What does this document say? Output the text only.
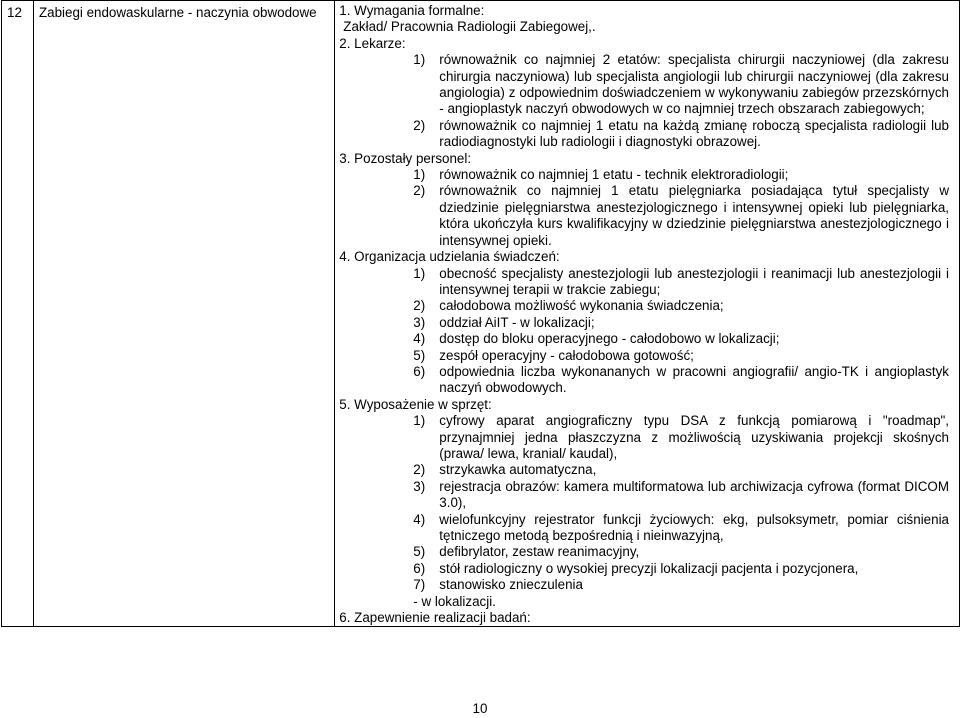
12	Zabiegi endowaskularne - naczynia obwodowe	1. Wymagania formalne:
Zakład/ Pracownia Radiologii Zabiegowej,.
2. Lekarze:
1)	równoważnik co najmniej 2 etatów: specjalista chirurgii naczyniowej (dla zakresu chirurgia naczyniowa) lub specjalista angiologii lub chirurgii naczyniowej (dla zakresu angiologia) z odpowiednim doświadczeniem w wykonywaniu zabiegów przezskórnych - angioplastyk naczyń obwodowych w co najmniej trzech obszarach zabiegowych;
2)	równoważnik co najmniej 1 etatu na każdą zmianę roboczą specjalista radiologii lub radiodiagnostyki lub radiologii i diagnostyki obrazowej.
3. Pozostały personel:
1)	równoważnik co najmniej 1 etatu - technik elektroradiologii;
2)	równoważnik co najmniej 1 etatu pielęgniarka posiadająca tytuł specjalisty w dziedzinie pielęgniarstwa anestezjologicznego i intensywnej opieki lub pielęgniarka, która ukończyła kurs kwalifikacyjny w dziedzinie pielęgniarstwa anestezjologicznego i intensywnej opieki.
4. Organizacja udzielania świadczeń:
1)	obecność specjalisty anestezjologii lub anestezjologii i reanimacji lub anestezjologii i intensywnej terapii w trakcie zabiegu;
2)	całodobowa możliwość wykonania świadczenia;
3)	oddział AiIT - w lokalizacji;
4)	dostęp do bloku operacyjnego - całodobowo w lokalizacji;
5)	zespół operacyjny - całodobowa gotowość;
6)	odpowiednia liczba wykonananych w pracowni angiografii/ angio-TK i angioplastyk naczyń obwodowych.
5. Wyposażenie w sprzęt:
1)	cyfrowy aparat angiograficzny typu DSA z funkcją pomiarową i "roadmap", przynajmniej jedna płaszczyzna z możliwością uzyskiwania projekcji skośnych (prawa/ lewa, kranial/ kaudal),
2)	strzykawka automatyczna,
3)	rejestracja obrazów: kamera multiformatowa lub archiwizacja cyfrowa (format DICOM 3.0),
4)	wielofunkcyjny rejestrator funkcji życiowych: ekg, pulsoksymetr, pomiar ciśnienia tętniczego metodą bezpośrednią i nieinwazyjną,
5)	defibrylator, zestaw reanimacyjny,
6)	stół radiologiczny o wysokiej precyzji lokalizacji pacjenta i pozycjonera,
7)	stanowisko znieczulenia
- w lokalizacji.
6. Zapewnienie realizacji badań:
10
